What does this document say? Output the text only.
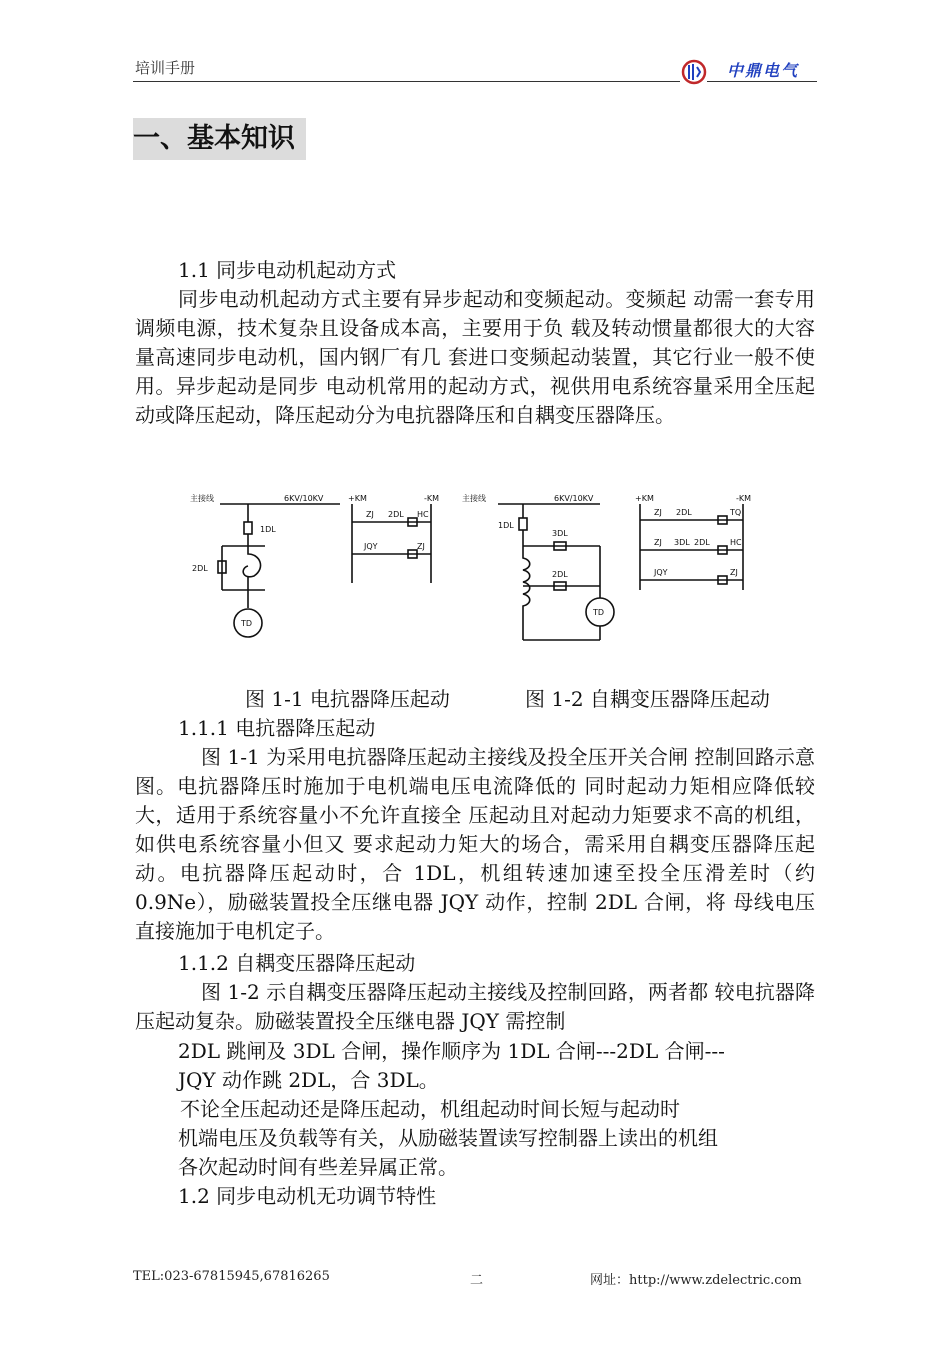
培训手册	中鼎电气
一、基本知识
1.1 同步电动机起动方式
同步电动机起动方式主要有异步起动和变频起动。变频起 动需一套专用调频电源，技术复杂且设备成本高，主要用于负 载及转动惯量都很大的大容量高速同步电动机，国内钢厂有几 套进口变频起动装置，其它行业一般不使用。异步起动是同步 电动机常用的起动方式，视供用电系统容量采用全压起动或降压起动，降压起动分为电抗器降压和自耦变压器降压。
主接线	6KV/10KV
1DL
2DL
TD
+KM	-KM
ZJ 2DL HC
JQY	ZJ
主接线	6KV/10KV
1DL
3DL
2DL
TD
+KM	-KM
ZJ 2DL	TQ
ZJ 3DL 2DL	HC
JQY	ZJ
图 1-1 电抗器降压起动	图 1-2 自耦变压器降压起动
1.1.1 电抗器降压起动
图 1-1 为采用电抗器降压起动主接线及投全压开关合闸 控制回路示意图。电抗器降压时施加于电机端电压电流降低的 同时起动力矩相应降低较大，适用于系统容量小不允许直接全 压起动且对起动力矩要求不高的机组，如供电系统容量小但又 要求起动力矩大的场合，需采用自耦变压器降压起动。电抗器降压起动时，合 1DL，机组转速加速至投全压滑差时（约0.9Ne），励磁装置投全压继电器 JQY 动作，控制 2DL 合闸，将 母线电压直接施加于电机定子。
1.1.2 自耦变压器降压起动
图 1-2 示自耦变压器降压起动主接线及控制回路，两者都 较电抗器降压起动复杂。励磁装置投全压继电器 JQY 需控制
2DL 跳闸及 3DL 合闸，操作顺序为 1DL 合闸---2DL 合闸---
JQY 动作跳 2DL，合 3DL。
不论全压起动还是降压起动，机组起动时间长短与起动时
机端电压及负载等有关，从励磁装置读写控制器上读出的机组
各次起动时间有些差异属正常。
1.2 同步电动机无功调节特性
TEL:023-67815945,67816265	二	网址：http://www.zdelectric.com
